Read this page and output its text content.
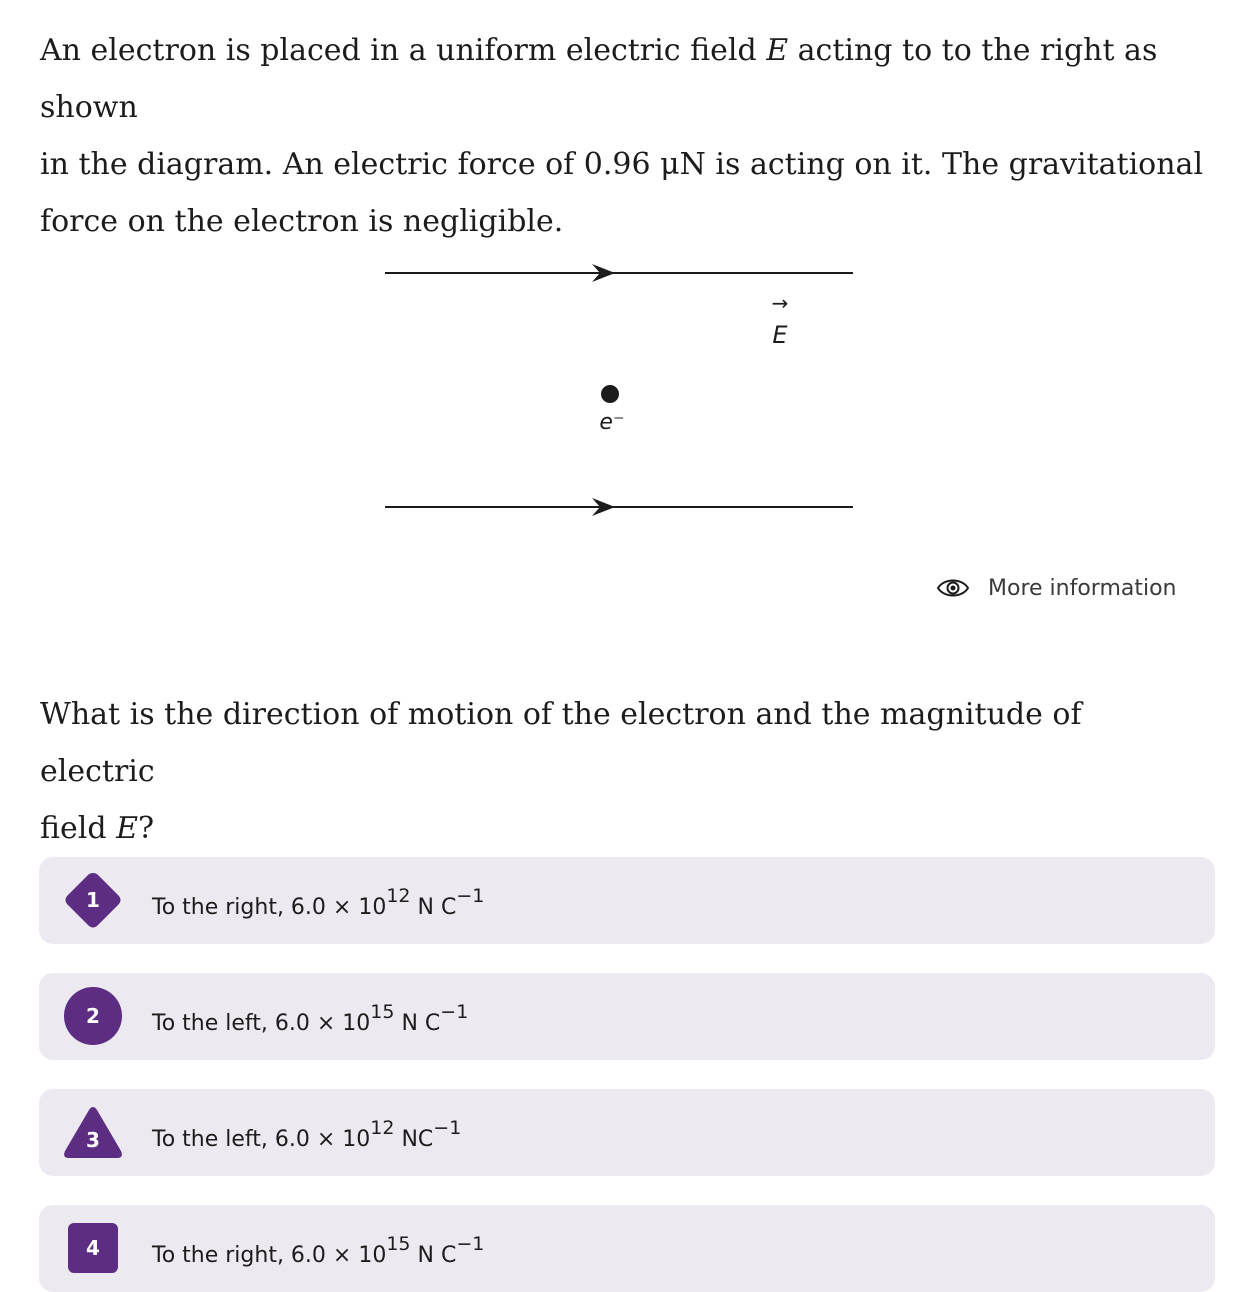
An electron is placed in a uniform electric field E acting to to the right as shown
in the diagram. An electric force of 0.96 μN is acting on it. The gravitational
force on the electron is negligible.

→
E
e⁻
More information

What is the direction of motion of the electron and the magnitude of electric
field E?

1	To the right, $6.0 \times 10^{12}$ N $C^{-1}$
2	To the left, $6.0 \times 10^{15}$ N $C^{-1}$
3	To the left, $6.0 \times 10^{12}$ $NC^{-1}$
4	To the right, $6.0 \times 10^{15}$ N $C^{-1}$
